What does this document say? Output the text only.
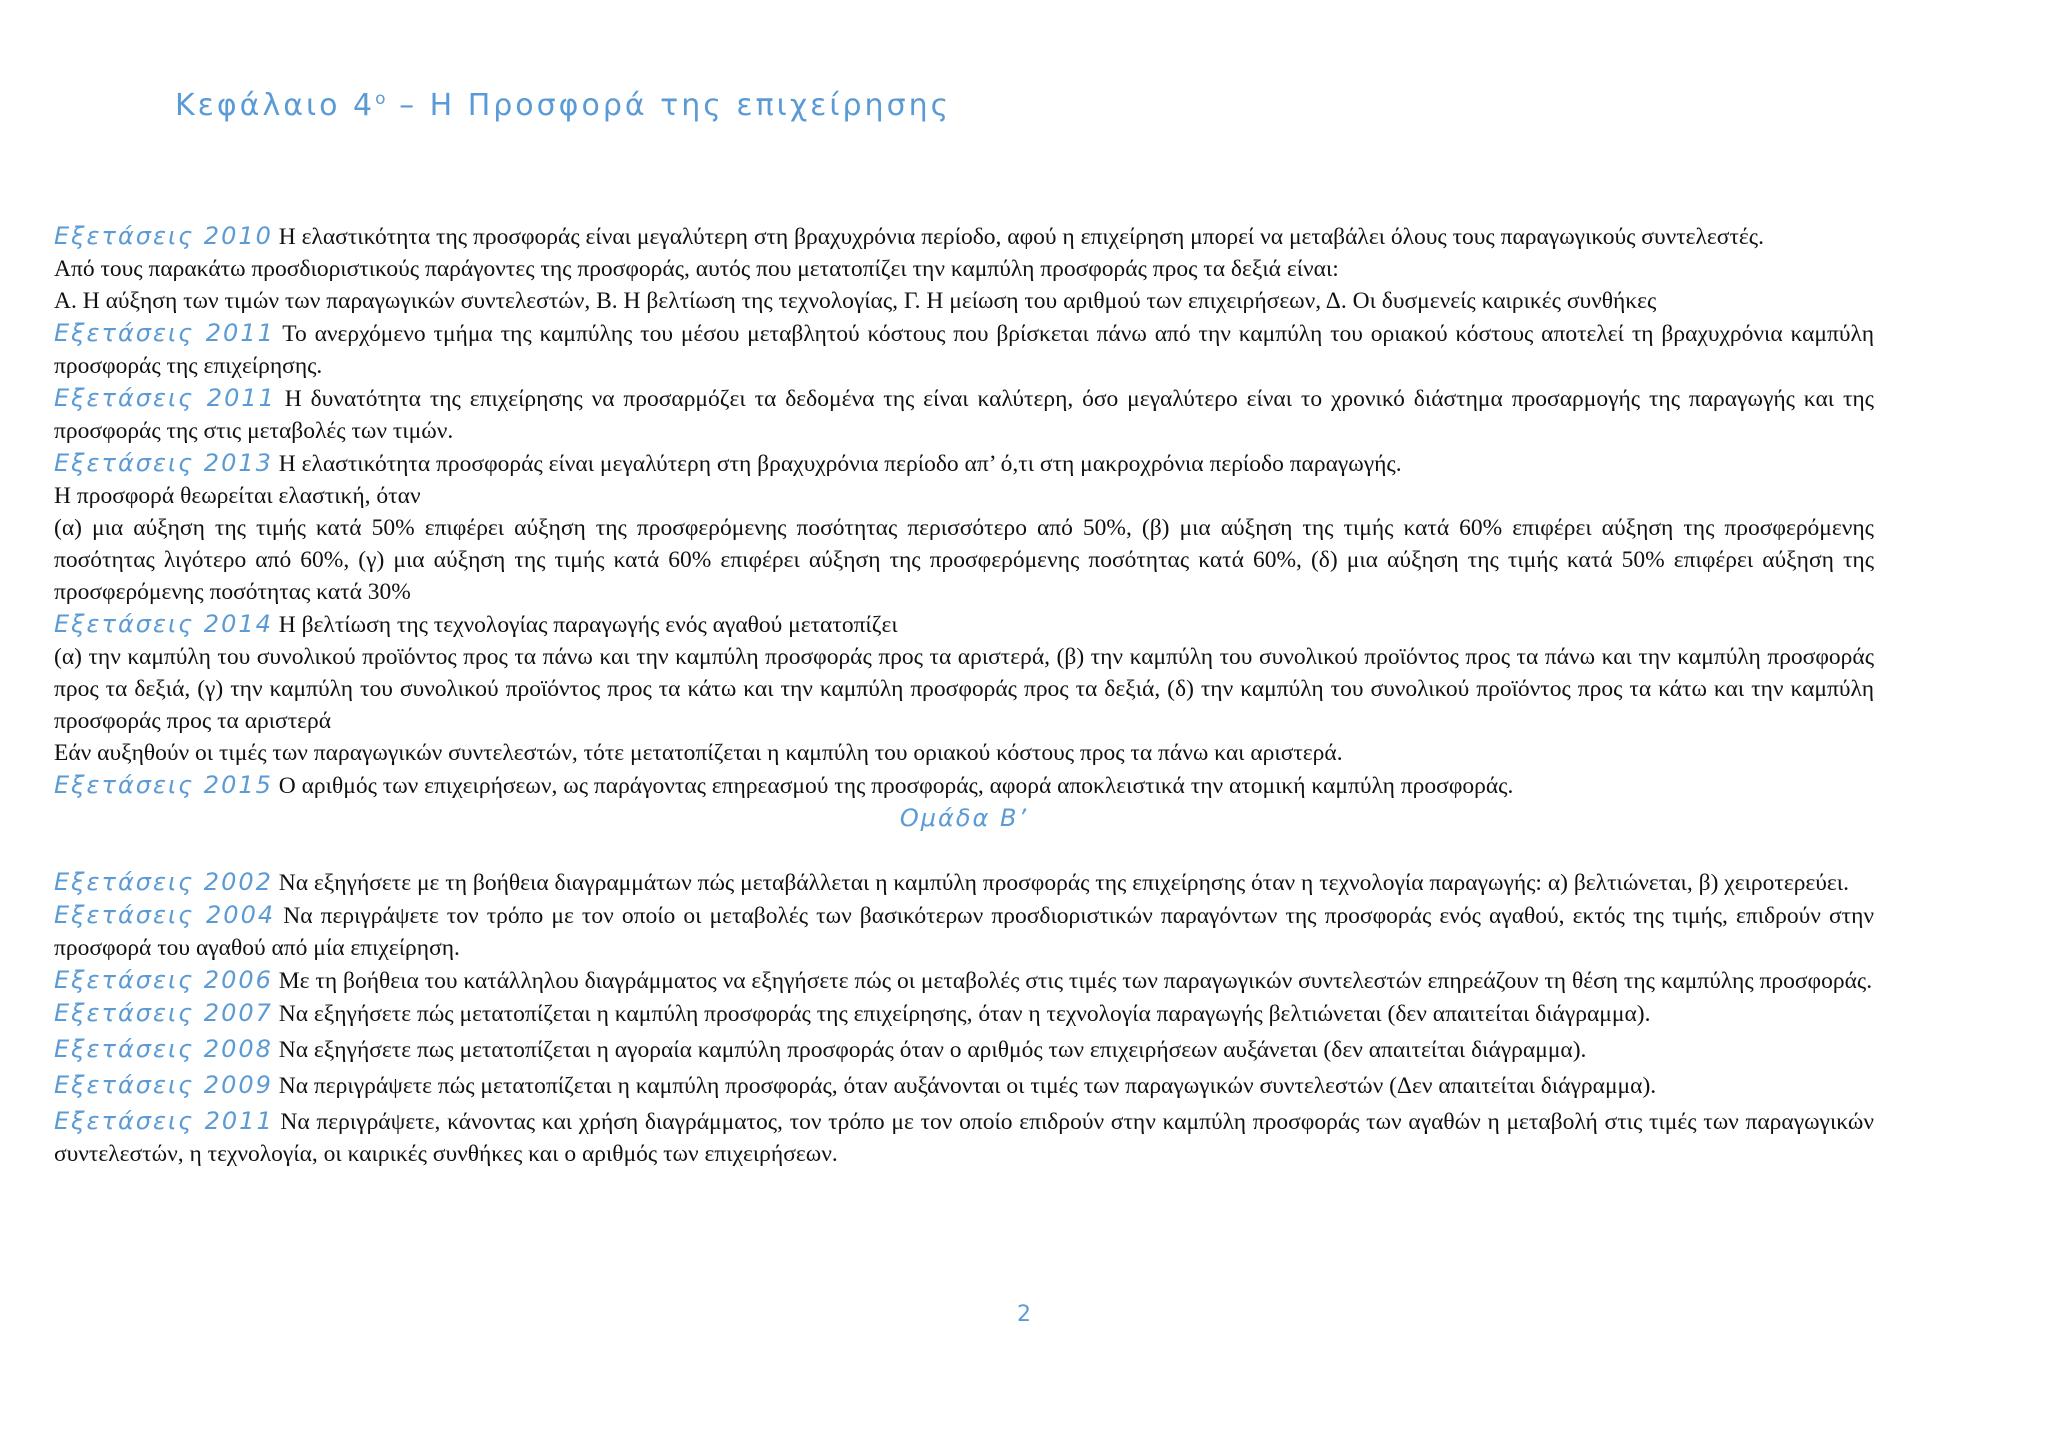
Κεφάλαιο $4^o$ – Η Προσφορά της επιχείρησης

Εξετάσεις 2010 Η ελαστικότητα της προσφοράς είναι μεγαλύτερη στη βραχυχρόνια περίοδο, αφού η επιχείρηση μπορεί να μεταβάλει όλους τους παραγωγικούς συντελεστές.

Από τους παρακάτω προσδιοριστικούς παράγοντες της προσφοράς, αυτός που μετατοπίζει την καμπύλη προσφοράς προς τα δεξιά είναι:

Α. Η αύξηση των τιμών των παραγωγικών συντελεστών, Β. Η βελτίωση της τεχνολογίας, Γ. Η μείωση του αριθμού των επιχειρήσεων, Δ. Οι δυσμενείς καιρικές συνθήκες

Εξετάσεις 2011 Το ανερχόμενο τμήμα της καμπύλης του μέσου μεταβλητού κόστους που βρίσκεται πάνω από την καμπύλη του οριακού κόστους αποτελεί τη βραχυχρόνια καμπύλη προσφοράς της επιχείρησης.

Εξετάσεις 2011 Η δυνατότητα της επιχείρησης να προσαρμόζει τα δεδομένα της είναι καλύτερη, όσο μεγαλύτερο είναι το χρονικό διάστημα προσαρμογής της παραγωγής και της προσφοράς της στις μεταβολές των τιμών.

Εξετάσεις 2013 Η ελαστικότητα προσφοράς είναι μεγαλύτερη στη βραχυχρόνια περίοδο απ’ ό,τι στη μακροχρόνια περίοδο παραγωγής.

Η προσφορά θεωρείται ελαστική, όταν

(α) μια αύξηση της τιμής κατά 50% επιφέρει αύξηση της προσφερόμενης ποσότητας περισσότερο από 50%, (β) μια αύξηση της τιμής κατά 60% επιφέρει αύξηση της προσφερόμενης ποσότητας λιγότερο από 60%, (γ) μια αύξηση της τιμής κατά 60% επιφέρει αύξηση της προσφερόμενης ποσότητας κατά 60%, (δ) μια αύξηση της τιμής κατά 50% επιφέρει αύξηση της προσφερόμενης ποσότητας κατά 30%

Εξετάσεις 2014 Η βελτίωση της τεχνολογίας παραγωγής ενός αγαθού μετατοπίζει

(α) την καμπύλη του συνολικού προϊόντος προς τα πάνω και την καμπύλη προσφοράς προς τα αριστερά, (β) την καμπύλη του συνολικού προϊόντος προς τα πάνω και την καμπύλη προσφοράς προς τα δεξιά, (γ) την καμπύλη του συνολικού προϊόντος προς τα κάτω και την καμπύλη προσφοράς προς τα δεξιά, (δ) την καμπύλη του συνολικού προϊόντος προς τα κάτω και την καμπύλη προσφοράς προς τα αριστερά

Εάν αυξηθούν οι τιμές των παραγωγικών συντελεστών, τότε μετατοπίζεται η καμπύλη του οριακού κόστους προς τα πάνω και αριστερά.

Εξετάσεις 2015 Ο αριθμός των επιχειρήσεων, ως παράγοντας επηρεασμού της προσφοράς, αφορά αποκλειστικά την ατομική καμπύλη προσφοράς.

Ομάδα Β’

Εξετάσεις 2002 Να εξηγήσετε με τη βοήθεια διαγραμμάτων πώς μεταβάλλεται η καμπύλη προσφοράς της επιχείρησης όταν η τεχνολογία παραγωγής: α) βελτιώνεται, β) χειροτερεύει.

Εξετάσεις 2004 Να περιγράψετε τον τρόπο με τον οποίο οι μεταβολές των βασικότερων προσδιοριστικών παραγόντων της προσφοράς ενός αγαθού, εκτός της τιμής, επιδρούν στην προσφορά του αγαθού από μία επιχείρηση.

Εξετάσεις 2006 Με τη βοήθεια του κατάλληλου διαγράμματος να εξηγήσετε πώς οι μεταβολές στις τιμές των παραγωγικών συντελεστών επηρεάζουν τη θέση της καμπύλης προσφοράς.

Εξετάσεις 2007 Να εξηγήσετε πώς μετατοπίζεται η καμπύλη προσφοράς της επιχείρησης, όταν η τεχνολογία παραγωγής βελτιώνεται (δεν απαιτείται διάγραμμα).

Εξετάσεις 2008 Να εξηγήσετε πως μετατοπίζεται η αγοραία καμπύλη προσφοράς όταν ο αριθμός των επιχειρήσεων αυξάνεται (δεν απαιτείται διάγραμμα).

Εξετάσεις 2009 Να περιγράψετε πώς μετατοπίζεται η καμπύλη προσφοράς, όταν αυξάνονται οι τιμές των παραγωγικών συντελεστών (Δεν απαιτείται διάγραμμα).

Εξετάσεις 2011 Να περιγράψετε, κάνοντας και χρήση διαγράμματος, τον τρόπο με τον οποίο επιδρούν στην καμπύλη προσφοράς των αγαθών η μεταβολή στις τιμές των παραγωγικών συντελεστών, η τεχνολογία, οι καιρικές συνθήκες και ο αριθμός των επιχειρήσεων.

2
